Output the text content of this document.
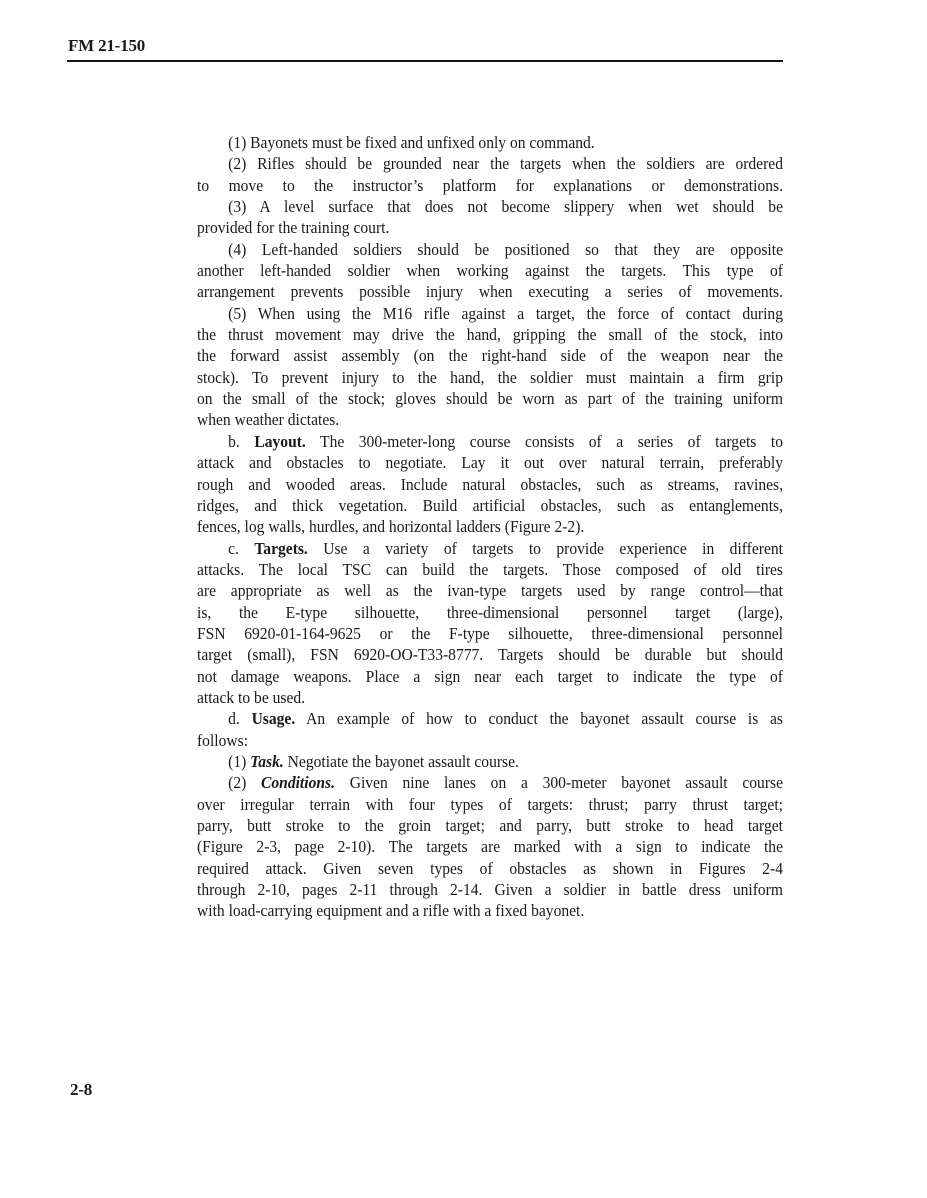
FM 21-150
(1) Bayonets must be fixed and unfixed only on command.
(2) Rifles should be grounded near the targets when the soldiers are ordered
to move to the instructor’s platform for explanations or demonstrations.
(3) A level surface that does not become slippery when wet should be
provided for the training court.
(4) Left-handed soldiers should be positioned so that they are opposite
another left-handed soldier when working against the targets. This type of
arrangement prevents possible injury when executing a series of movements.
(5) When using the M16 rifle against a target, the force of contact during
the thrust movement may drive the hand, gripping the small of the stock, into
the forward assist assembly (on the right-hand side of the weapon near the
stock). To prevent injury to the hand, the soldier must maintain a firm grip
on the small of the stock; gloves should be worn as part of the training uniform
when weather dictates.
b. Layout. The 300-meter-long course consists of a series of targets to
attack and obstacles to negotiate. Lay it out over natural terrain, preferably
rough and wooded areas. Include natural obstacles, such as streams, ravines,
ridges, and thick vegetation. Build artificial obstacles, such as entanglements,
fences, log walls, hurdles, and horizontal ladders (Figure 2-2).
c. Targets. Use a variety of targets to provide experience in different
attacks. The local TSC can build the targets. Those composed of old tires
are appropriate as well as the ivan-type targets used by range control—that
is, the E-type silhouette, three-dimensional personnel target (large),
FSN 6920-01-164-9625 or the F-type silhouette, three-dimensional personnel
target (small), FSN 6920-OO-T33-8777. Targets should be durable but should
not damage weapons. Place a sign near each target to indicate the type of
attack to be used.
d. Usage. An example of how to conduct the bayonet assault course is as
follows:
(1) Task. Negotiate the bayonet assault course.
(2) Conditions. Given nine lanes on a 300-meter bayonet assault course
over irregular terrain with four types of targets: thrust; parry thrust target;
parry, butt stroke to the groin target; and parry, butt stroke to head target
(Figure 2-3, page 2-10). The targets are marked with a sign to indicate the
required attack. Given seven types of obstacles as shown in Figures 2-4
through 2-10, pages 2-11 through 2-14. Given a soldier in battle dress uniform
with load-carrying equipment and a rifle with a fixed bayonet.
2-8
